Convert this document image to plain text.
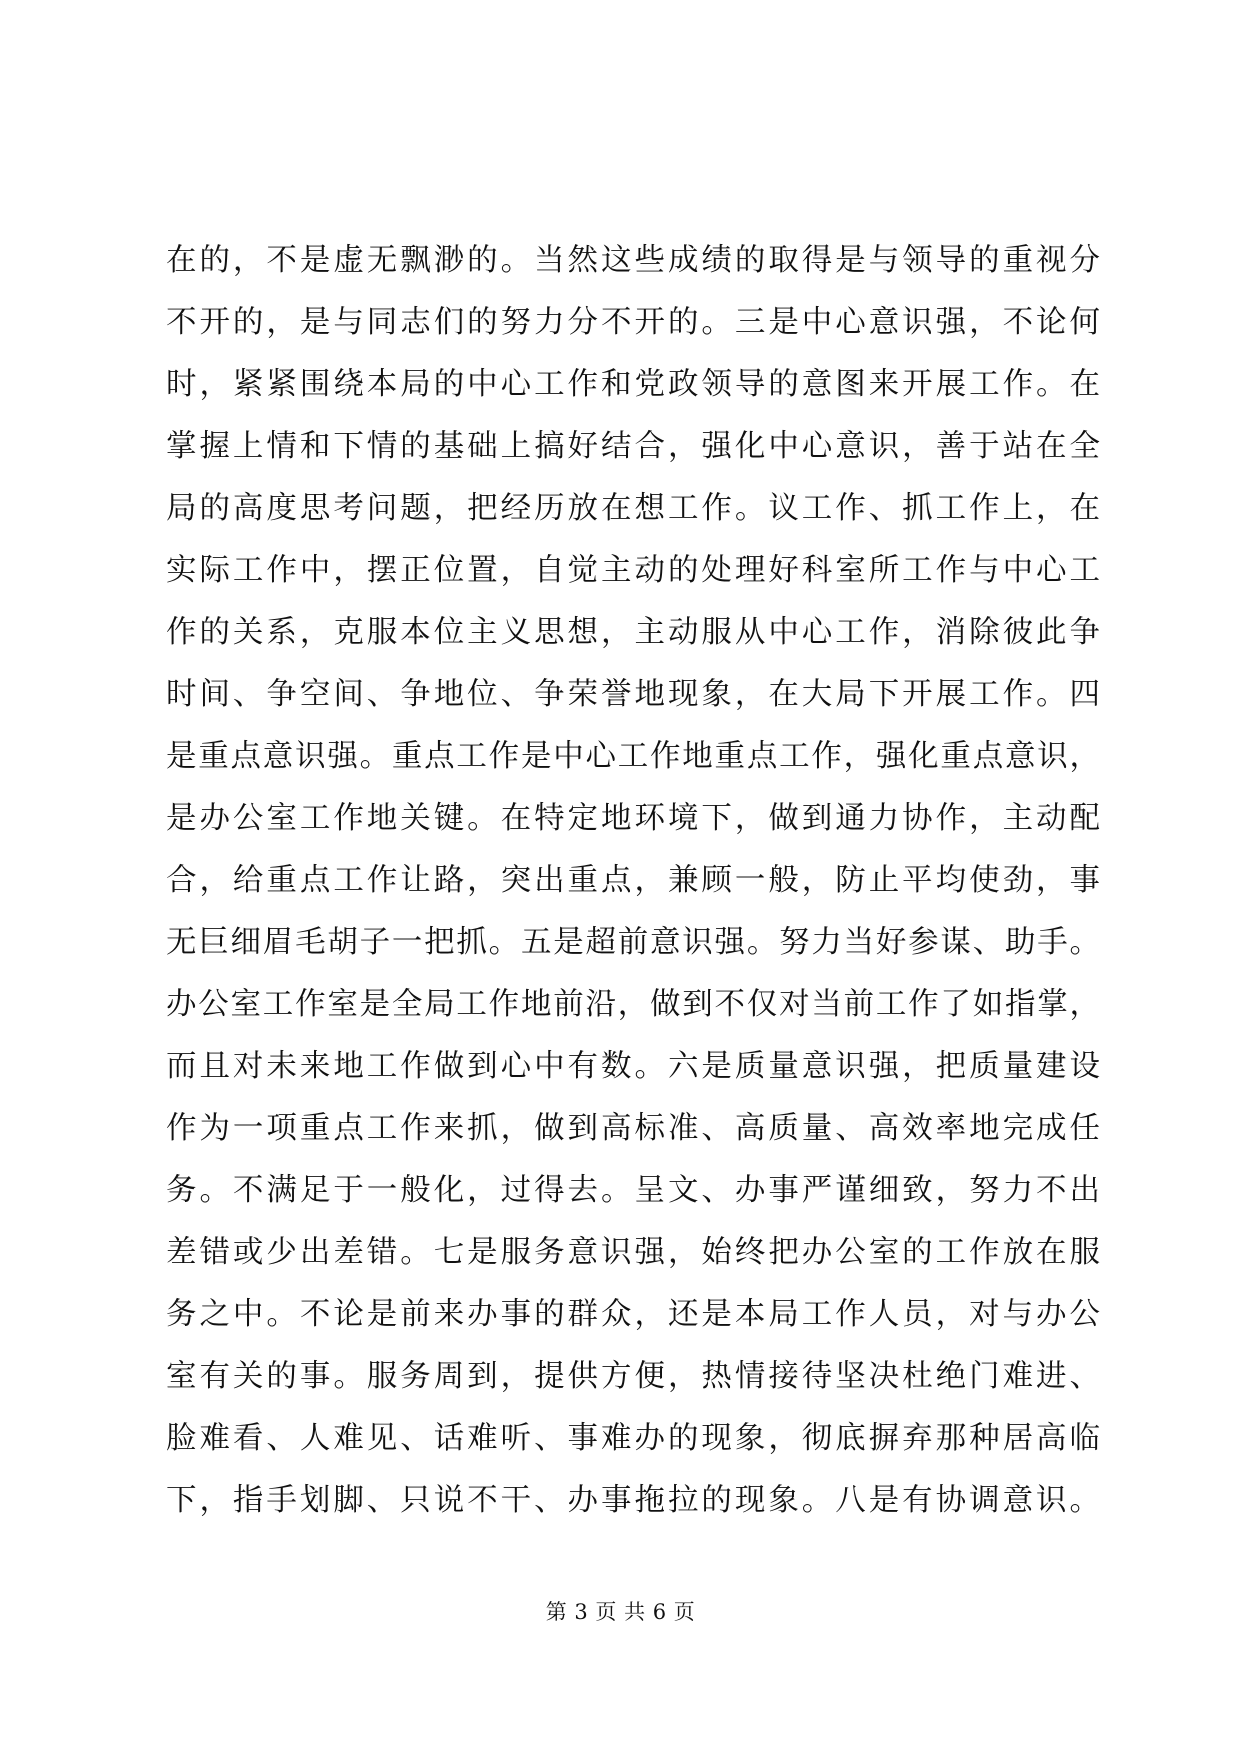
在的，不是虚无飘渺的。当然这些成绩的取得是与领导的重视分
不开的，是与同志们的努力分不开的。三是中心意识强，不论何
时，紧紧围绕本局的中心工作和党政领导的意图来开展工作。在
掌握上情和下情的基础上搞好结合，强化中心意识，善于站在全
局的高度思考问题，把经历放在想工作。议工作、抓工作上，在
实际工作中，摆正位置，自觉主动的处理好科室所工作与中心工
作的关系，克服本位主义思想，主动服从中心工作，消除彼此争
时间、争空间、争地位、争荣誉地现象，在大局下开展工作。四
是重点意识强。重点工作是中心工作地重点工作，强化重点意识，
是办公室工作地关键。在特定地环境下，做到通力协作，主动配
合，给重点工作让路，突出重点，兼顾一般，防止平均使劲，事
无巨细眉毛胡子一把抓。五是超前意识强。努力当好参谋、助手。
办公室工作室是全局工作地前沿，做到不仅对当前工作了如指掌，
而且对未来地工作做到心中有数。六是质量意识强，把质量建设
作为一项重点工作来抓，做到高标准、高质量、高效率地完成任
务。不满足于一般化，过得去。呈文、办事严谨细致，努力不出
差错或少出差错。七是服务意识强，始终把办公室的工作放在服
务之中。不论是前来办事的群众，还是本局工作人员，对与办公
室有关的事。服务周到，提供方便，热情接待坚决杜绝门难进、
脸难看、人难见、话难听、事难办的现象，彻底摒弃那种居高临
下，指手划脚、只说不干、办事拖拉的现象。八是有协调意识。
第 3 页 共 6 页
